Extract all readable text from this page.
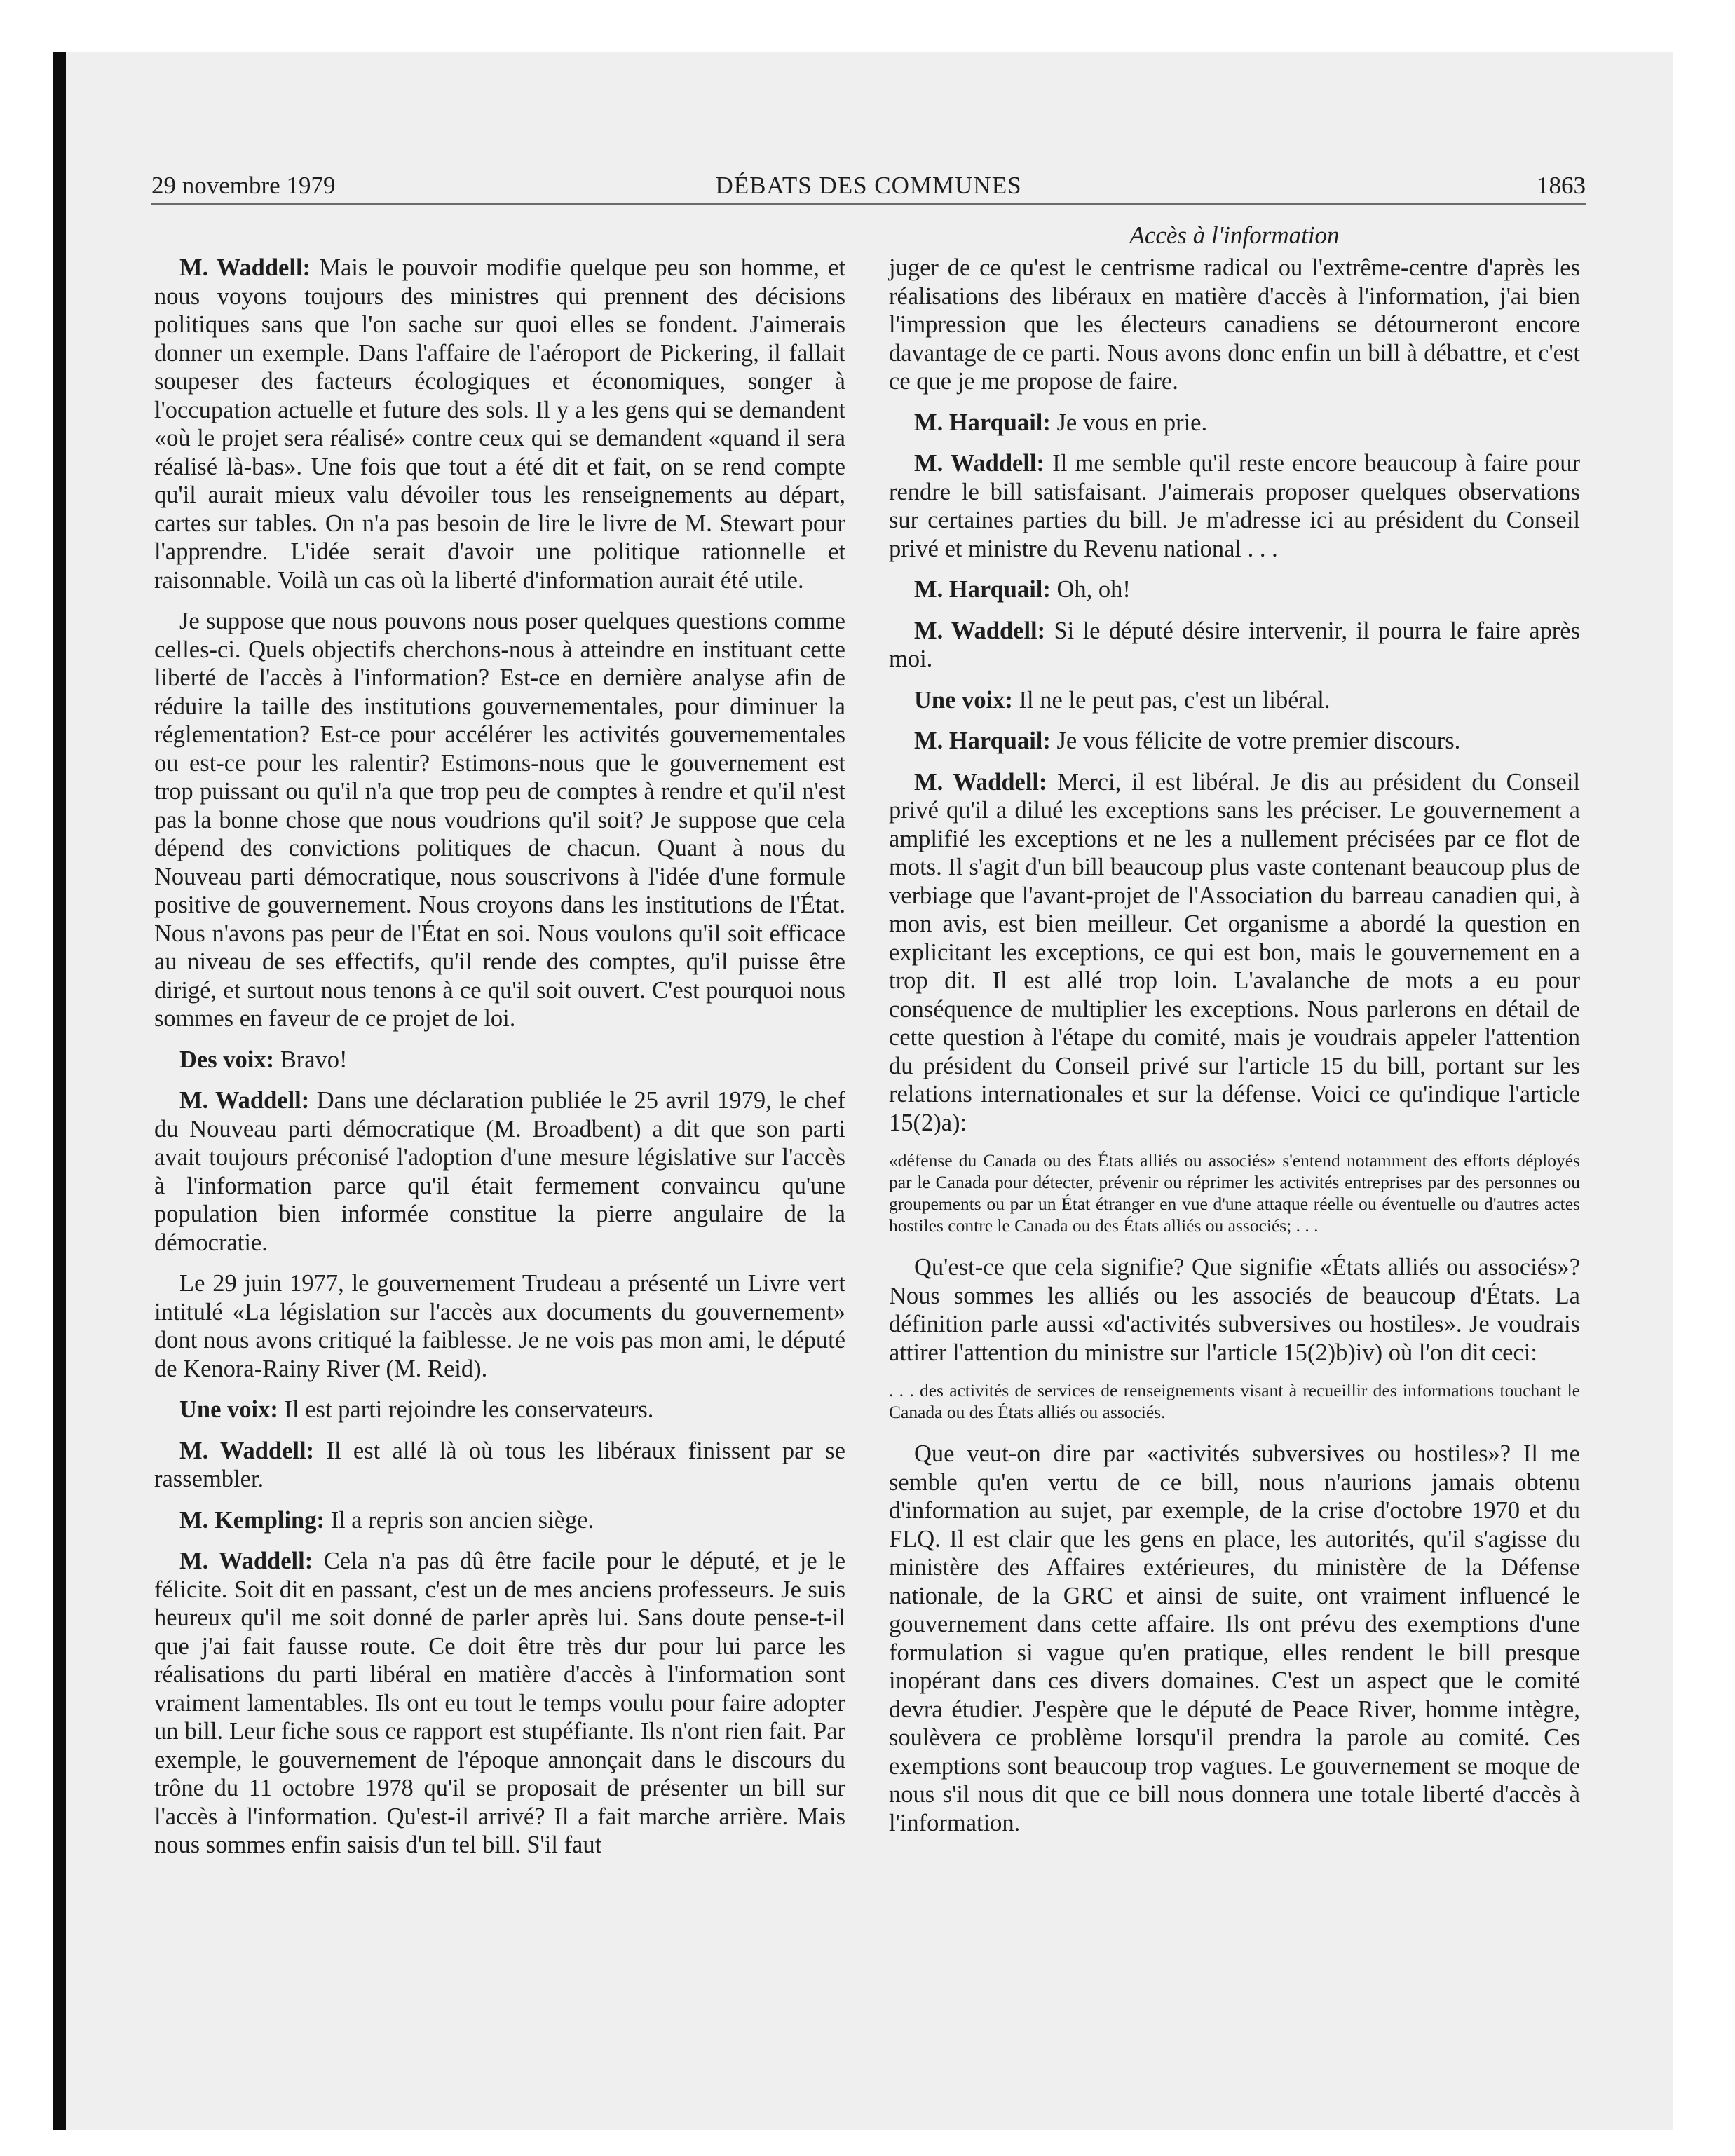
29 novembre 1979	DÉBATS DES COMMUNES	1863
Accès à l'information

M. Waddell: Mais le pouvoir modifie quelque peu son homme, et nous voyons toujours des ministres qui prennent des décisions politiques sans que l'on sache sur quoi elles se fondent. J'aimerais donner un exemple. Dans l'affaire de l'aéroport de Pickering, il fallait soupeser des facteurs écologiques et économiques, songer à l'occupation actuelle et future des sols. Il y a les gens qui se demandent «où le projet sera réalisé» contre ceux qui se demandent «quand il sera réalisé là-bas». Une fois que tout a été dit et fait, on se rend compte qu'il aurait mieux valu dévoiler tous les renseignements au départ, cartes sur tables. On n'a pas besoin de lire le livre de M. Stewart pour l'apprendre. L'idée serait d'avoir une politique rationnelle et raisonnable. Voilà un cas où la liberté d'information aurait été utile.

Je suppose que nous pouvons nous poser quelques questions comme celles-ci. Quels objectifs cherchons-nous à atteindre en instituant cette liberté de l'accès à l'information? Est-ce en dernière analyse afin de réduire la taille des institutions gouvernementales, pour diminuer la réglementation? Est-ce pour accélérer les activités gouvernementales ou est-ce pour les ralentir? Estimons-nous que le gouvernement est trop puissant ou qu'il n'a que trop peu de comptes à rendre et qu'il n'est pas la bonne chose que nous voudrions qu'il soit? Je suppose que cela dépend des convictions politiques de chacun. Quant à nous du Nouveau parti démocratique, nous souscrivons à l'idée d'une formule positive de gouvernement. Nous croyons dans les institutions de l'État. Nous n'avons pas peur de l'État en soi. Nous voulons qu'il soit efficace au niveau de ses effectifs, qu'il rende des comptes, qu'il puisse être dirigé, et surtout nous tenons à ce qu'il soit ouvert. C'est pourquoi nous sommes en faveur de ce projet de loi.

Des voix: Bravo!

M. Waddell: Dans une déclaration publiée le 25 avril 1979, le chef du Nouveau parti démocratique (M. Broadbent) a dit que son parti avait toujours préconisé l'adoption d'une mesure législative sur l'accès à l'information parce qu'il était fermement convaincu qu'une population bien informée constitue la pierre angulaire de la démocratie.

Le 29 juin 1977, le gouvernement Trudeau a présenté un Livre vert intitulé «La législation sur l'accès aux documents du gouvernement» dont nous avons critiqué la faiblesse. Je ne vois pas mon ami, le député de Kenora-Rainy River (M. Reid).

Une voix: Il est parti rejoindre les conservateurs.

M. Waddell: Il est allé là où tous les libéraux finissent par se rassembler.

M. Kempling: Il a repris son ancien siège.

M. Waddell: Cela n'a pas dû être facile pour le député, et je le félicite. Soit dit en passant, c'est un de mes anciens professeurs. Je suis heureux qu'il me soit donné de parler après lui. Sans doute pense-t-il que j'ai fait fausse route. Ce doit être très dur pour lui parce les réalisations du parti libéral en matière d'accès à l'information sont vraiment lamentables. Ils ont eu tout le temps voulu pour faire adopter un bill. Leur fiche sous ce rapport est stupéfiante. Ils n'ont rien fait. Par exemple, le gouvernement de l'époque annonçait dans le discours du trône du 11 octobre 1978 qu'il se proposait de présenter un bill sur l'accès à l'information. Qu'est-il arrivé? Il a fait marche arrière. Mais nous sommes enfin saisis d'un tel bill. S'il faut

juger de ce qu'est le centrisme radical ou l'extrême-centre d'après les réalisations des libéraux en matière d'accès à l'information, j'ai bien l'impression que les électeurs canadiens se détourneront encore davantage de ce parti. Nous avons donc enfin un bill à débattre, et c'est ce que je me propose de faire.

M. Harquail: Je vous en prie.

M. Waddell: Il me semble qu'il reste encore beaucoup à faire pour rendre le bill satisfaisant. J'aimerais proposer quelques observations sur certaines parties du bill. Je m'adresse ici au président du Conseil privé et ministre du Revenu national . . .

M. Harquail: Oh, oh!

M. Waddell: Si le député désire intervenir, il pourra le faire après moi.

Une voix: Il ne le peut pas, c'est un libéral.

M. Harquail: Je vous félicite de votre premier discours.

M. Waddell: Merci, il est libéral. Je dis au président du Conseil privé qu'il a dilué les exceptions sans les préciser. Le gouvernement a amplifié les exceptions et ne les a nullement précisées par ce flot de mots. Il s'agit d'un bill beaucoup plus vaste contenant beaucoup plus de verbiage que l'avant-projet de l'Association du barreau canadien qui, à mon avis, est bien meilleur. Cet organisme a abordé la question en explicitant les exceptions, ce qui est bon, mais le gouvernement en a trop dit. Il est allé trop loin. L'avalanche de mots a eu pour conséquence de multiplier les exceptions. Nous parlerons en détail de cette question à l'étape du comité, mais je voudrais appeler l'attention du président du Conseil privé sur l'article 15 du bill, portant sur les relations internationales et sur la défense. Voici ce qu'indique l'article 15(2)a):

«défense du Canada ou des États alliés ou associés» s'entend notamment des efforts déployés par le Canada pour détecter, prévenir ou réprimer les activités entreprises par des personnes ou groupements ou par un État étranger en vue d'une attaque réelle ou éventuelle ou d'autres actes hostiles contre le Canada ou des États alliés ou associés; . . .

Qu'est-ce que cela signifie? Que signifie «États alliés ou associés»? Nous sommes les alliés ou les associés de beaucoup d'États. La définition parle aussi «d'activités subversives ou hostiles». Je voudrais attirer l'attention du ministre sur l'article 15(2)b)iv) où l'on dit ceci:

. . . des activités de services de renseignements visant à recueillir des informations touchant le Canada ou des États alliés ou associés.

Que veut-on dire par «activités subversives ou hostiles»? Il me semble qu'en vertu de ce bill, nous n'aurions jamais obtenu d'information au sujet, par exemple, de la crise d'octobre 1970 et du FLQ. Il est clair que les gens en place, les autorités, qu'il s'agisse du ministère des Affaires extérieures, du ministère de la Défense nationale, de la GRC et ainsi de suite, ont vraiment influencé le gouvernement dans cette affaire. Ils ont prévu des exemptions d'une formulation si vague qu'en pratique, elles rendent le bill presque inopérant dans ces divers domaines. C'est un aspect que le comité devra étudier. J'espère que le député de Peace River, homme intègre, soulèvera ce problème lorsqu'il prendra la parole au comité. Ces exemptions sont beaucoup trop vagues. Le gouvernement se moque de nous s'il nous dit que ce bill nous donnera une totale liberté d'accès à l'information.
